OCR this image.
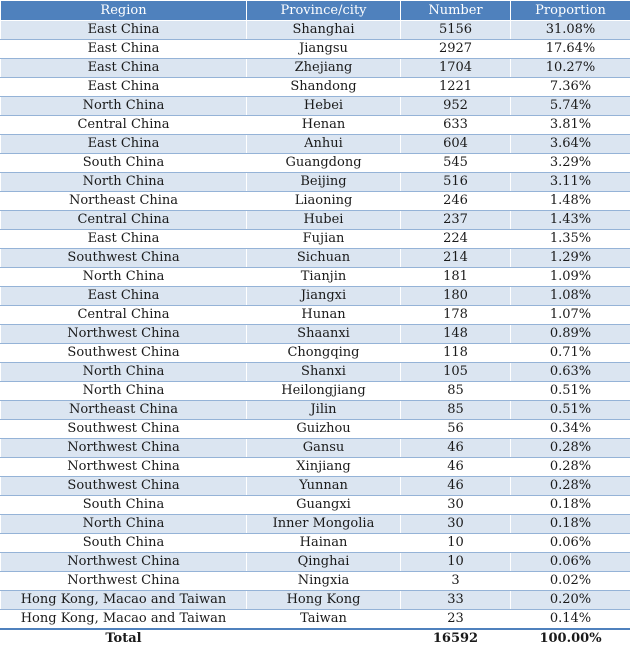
Region	Province/city	Number	Proportion
East China	Shanghai	5156	31.08%
East China	Jiangsu	2927	17.64%
East China	Zhejiang	1704	10.27%
East China	Shandong	1221	7.36%
North China	Hebei	952	5.74%
Central China	Henan	633	3.81%
East China	Anhui	604	3.64%
South China	Guangdong	545	3.29%
North China	Beijing	516	3.11%
Northeast China	Liaoning	246	1.48%
Central China	Hubei	237	1.43%
East China	Fujian	224	1.35%
Southwest China	Sichuan	214	1.29%
North China	Tianjin	181	1.09%
East China	Jiangxi	180	1.08%
Central China	Hunan	178	1.07%
Northwest China	Shaanxi	148	0.89%
Southwest China	Chongqing	118	0.71%
North China	Shanxi	105	0.63%
North China	Heilongjiang	85	0.51%
Northeast China	Jilin	85	0.51%
Southwest China	Guizhou	56	0.34%
Northwest China	Gansu	46	0.28%
Northwest China	Xinjiang	46	0.28%
Southwest China	Yunnan	46	0.28%
South China	Guangxi	30	0.18%
North China	Inner Mongolia	30	0.18%
South China	Hainan	10	0.06%
Northwest China	Qinghai	10	0.06%
Northwest China	Ningxia	3	0.02%
Hong Kong, Macao and Taiwan	Hong Kong	33	0.20%
Hong Kong, Macao and Taiwan	Taiwan	23	0.14%
Total		16592	100.00%
